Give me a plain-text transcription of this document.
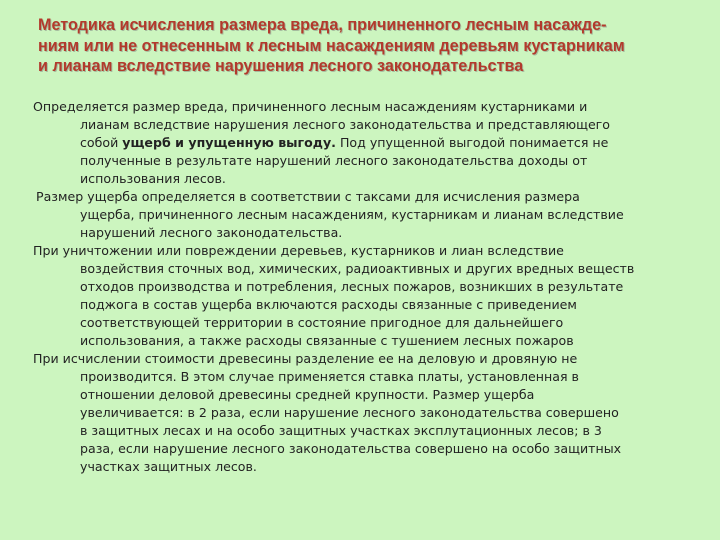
Методика исчисления размера вреда, причиненного лесным насажде-
ниям или не отнесенным к лесным насаждениям деревьям кустарникам
и лианам вследствие нарушения лесного законодательства

Определяется размер вреда, причиненного лесным насаждениям кустарниками и
лианам вследствие нарушения лесного законодательства и представляющего
собой ущерб и упущенную выгоду. Под упущенной выгодой понимается не
полученные в результате нарушений лесного законодательства доходы от
использования лесов.

Размер ущерба определяется в соответствии с таксами для исчисления размера
ущерба, причиненного лесным насаждениям, кустарникам и лианам вследствие
нарушений лесного законодательства.

При уничтожении или повреждении деревьев, кустарников и лиан вследствие
воздействия сточных вод, химических, радиоактивных и других вредных веществ
отходов производства и потребления, лесных пожаров, возникших в результате
поджога в состав ущерба включаются расходы связанные с приведением
соответствующей территории в состояние пригодное для дальнейшего
использования, а также расходы связанные с тушением лесных пожаров

При исчислении стоимости древесины разделение ее на деловую и дровяную не
производится. В этом случае применяется ставка платы, установленная в
отношении деловой древесины средней крупности. Размер ущерба
увеличивается: в 2 раза, если нарушение лесного законодательства совершено
в защитных лесах и на особо защитных участках эксплутационных лесов; в 3
раза, если нарушение лесного законодательства совершено на особо защитных
участках защитных лесов.
